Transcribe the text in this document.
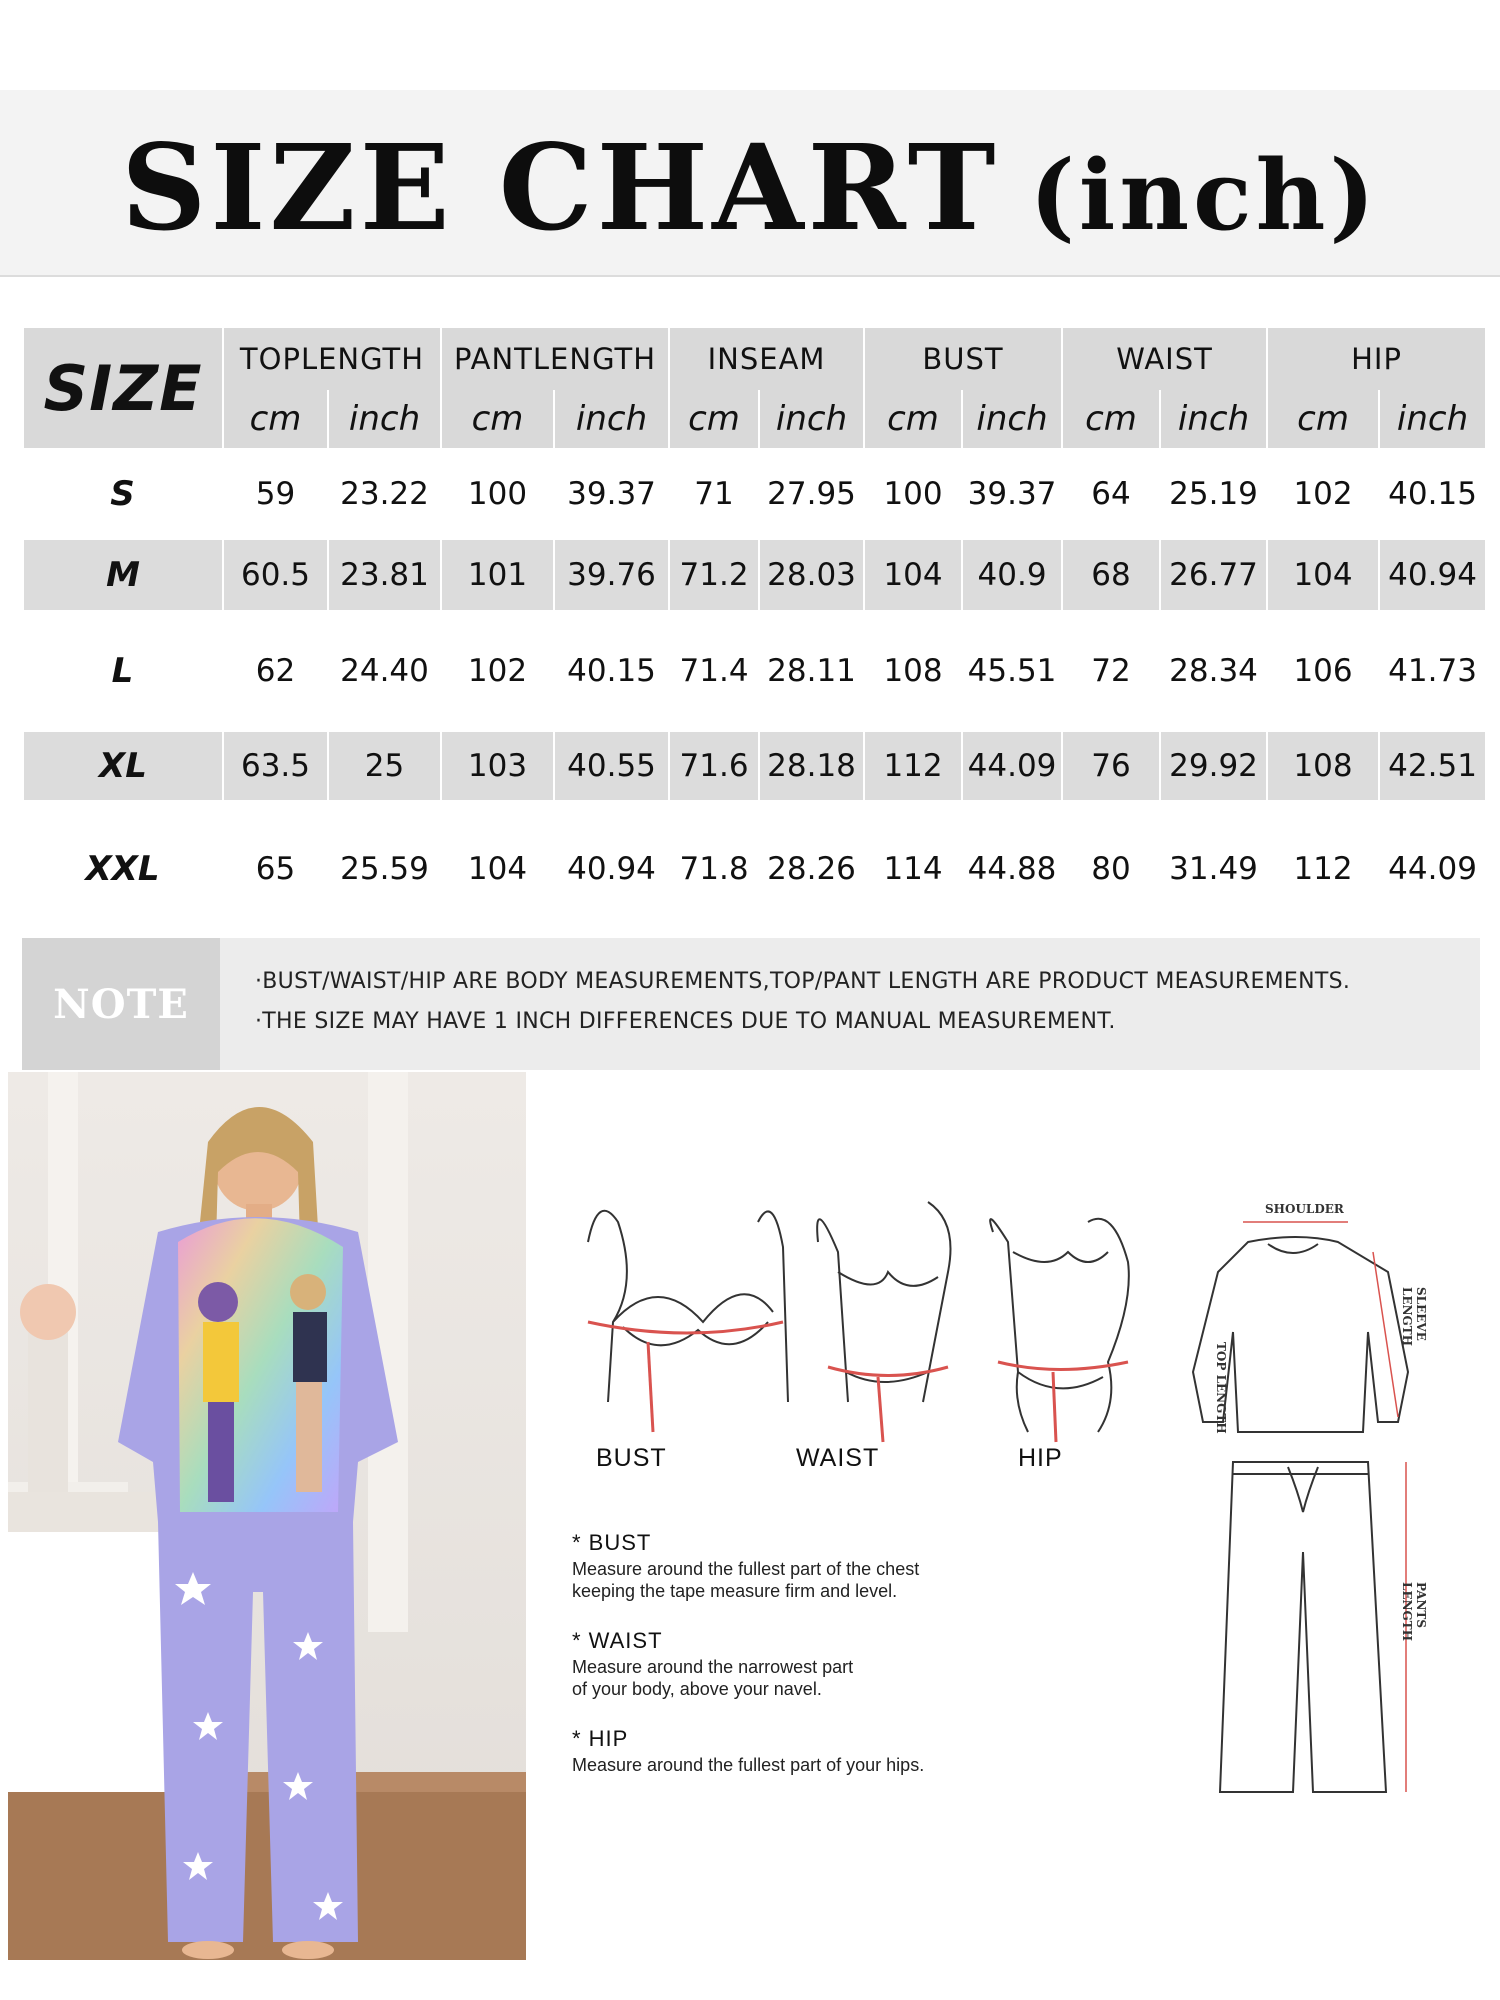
SIZE CHART (inch)
SIZE	TOPLENGTH		PANTLENGTH		INSEAM		BUST		WAIST		HIP	
	cm	inch	cm	inch	cm	inch	cm	inch	cm	inch	cm	inch
S	59	23.22	100	39.37	71	27.95	100	39.37	64	25.19	102	40.15
M	60.5	23.81	101	39.76	71.2	28.03	104	40.9	68	26.77	104	40.94
L	62	24.40	102	40.15	71.4	28.11	108	45.51	72	28.34	106	41.73
XL	63.5	25	103	40.55	71.6	28.18	112	44.09	76	29.92	108	42.51
XXL	65	25.59	104	40.94	71.8	28.26	114	44.88	80	31.49	112	44.09
NOTE	·BUST/WAIST/HIP ARE BODY MEASUREMENTS,TOP/PANT LENGTH ARE PRODUCT MEASUREMENTS.
·THE SIZE MAY HAVE 1 INCH DIFFERENCES DUE TO MANUAL MEASUREMENT.
SHOULDER
TOP LENGTH
SLEEVE LENGTH
PANTS LENGTH
BUST	WAIST	HIP
* BUST
Measure around the fullest part of the chest
keeping the tape measure firm and level.
* WAIST
Measure around the narrowest part
of your body, above your navel.
* HIP
Measure around the fullest part of your hips.
